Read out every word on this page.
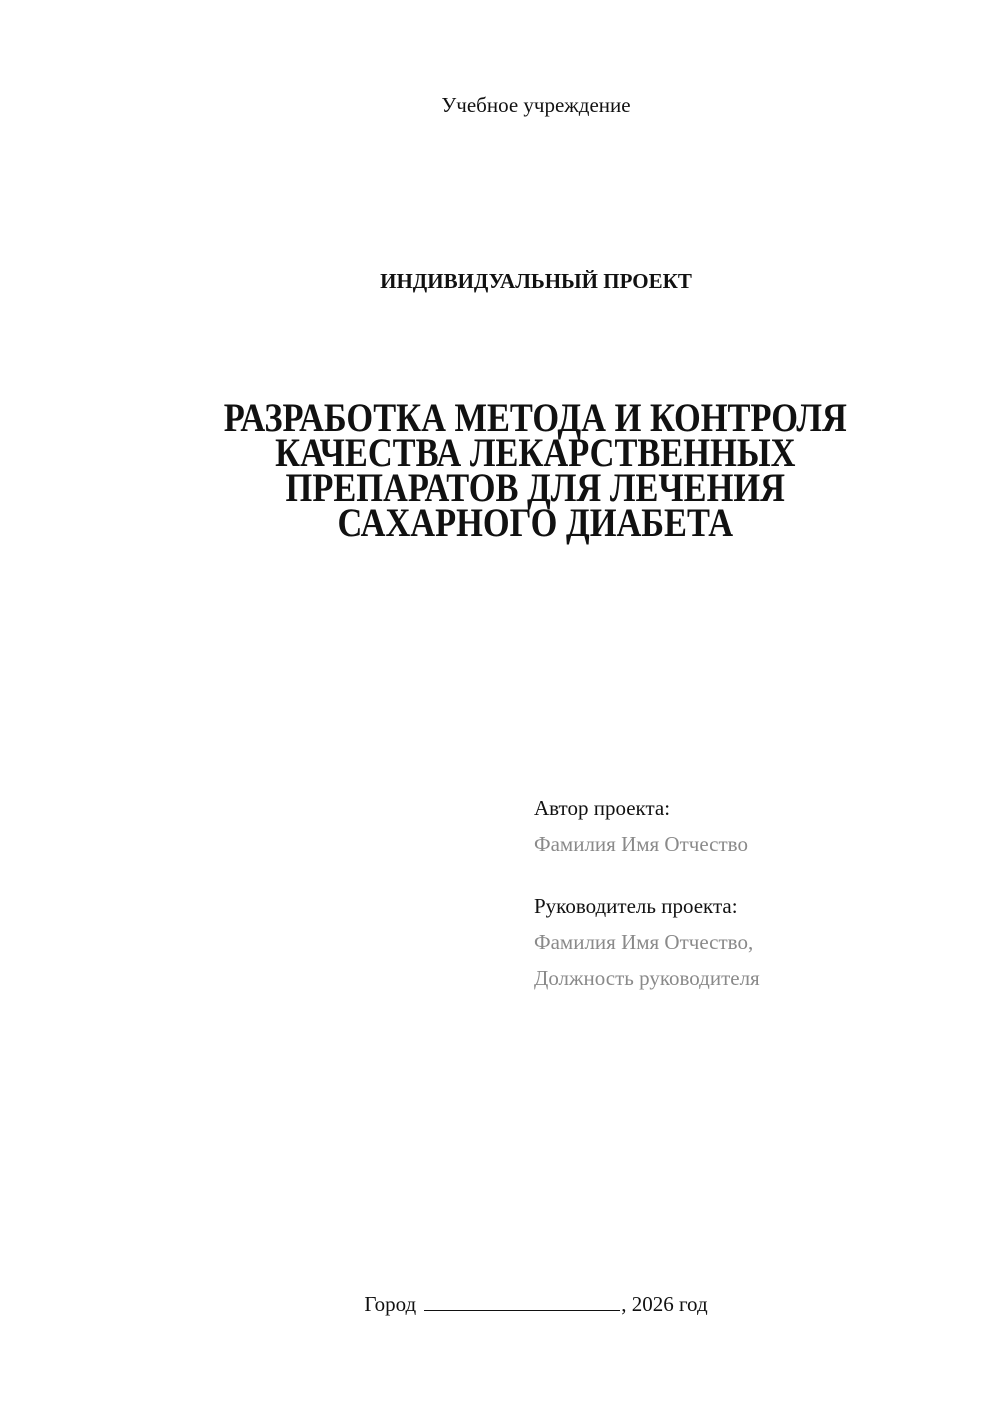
Учебное учреждение
ИНДИВИДУАЛЬНЫЙ ПРОЕКТ
РАЗРАБОТКА МЕТОДА И КОНТРОЛЯ
КАЧЕСТВА ЛЕКАРСТВЕННЫХ
ПРЕПАРАТОВ ДЛЯ ЛЕЧЕНИЯ
САХАРНОГО ДИАБЕТА
Автор проекта:
Фамилия Имя Отчество
Руководитель проекта:
Фамилия Имя Отчество,
Должность руководителя
Город	, 2026 год
